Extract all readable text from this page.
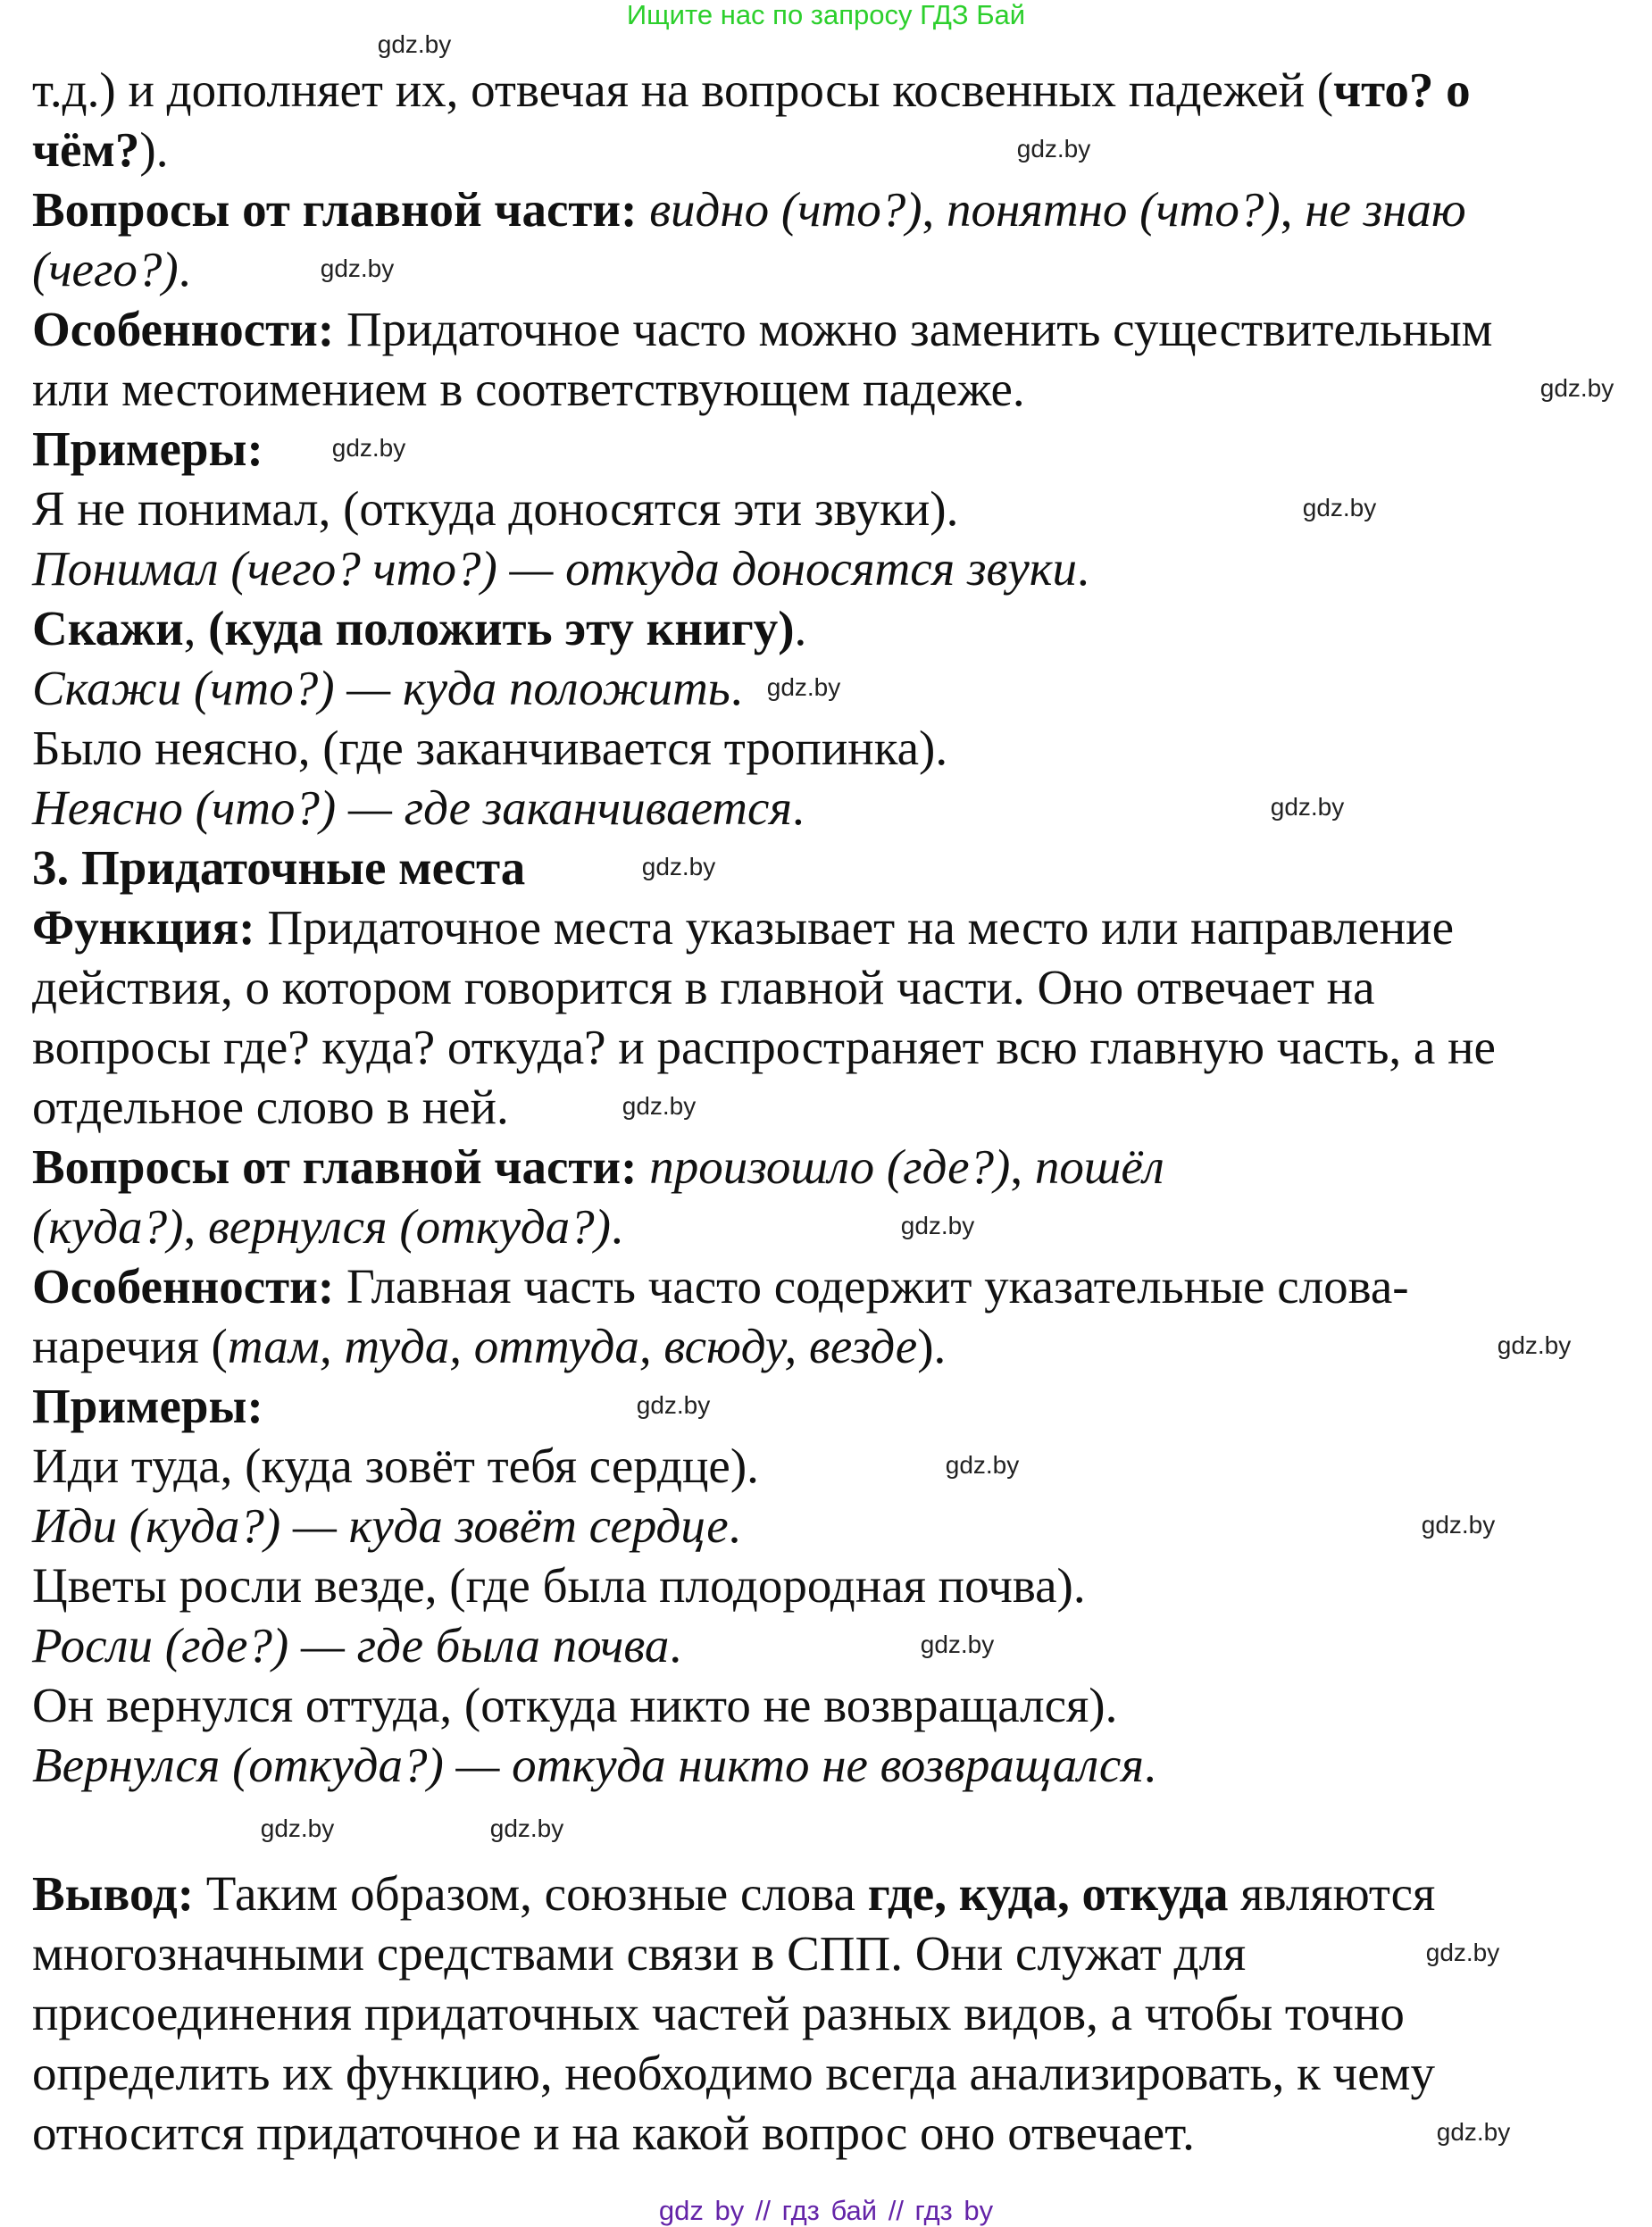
Ищите нас по запросу ГДЗ Бай
т.д.) и дополняет их, отвечая на вопросы косвенных падежей (что? о
чём?).
Вопросы от главной части: видно (что?), понятно (что?), не знаю
(чего?).
Особенности: Придаточное часто можно заменить существительным
или местоимением в соответствующем падеже.
Примеры:
Я не понимал, (откуда доносятся эти звуки).
Понимал (чего? что?) — откуда доносятся звуки.
Скажи, (куда положить эту книгу).
Скажи (что?) — куда положить.
Было неясно, (где заканчивается тропинка).
Неясно (что?) — где заканчивается.
3. Придаточные места
Функция: Придаточное места указывает на место или направление
действия, о котором говорится в главной части. Оно отвечает на
вопросы где? куда? откуда? и распространяет всю главную часть, а не
отдельное слово в ней.
Вопросы от главной части: произошло (где?), пошёл
(куда?), вернулся (откуда?).
Особенности: Главная часть часто содержит указательные слова-
наречия (там, туда, оттуда, всюду, везде).
Примеры:
Иди туда, (куда зовёт тебя сердце).
Иди (куда?) — куда зовёт сердце.
Цветы росли везде, (где была плодородная почва).
Росли (где?) — где была почва.
Он вернулся оттуда, (откуда никто не возвращался).
Вернулся (откуда?) — откуда никто не возвращался.
Вывод: Таким образом, союзные слова где, куда, откуда являются
многозначными средствами связи в СПП. Они служат для
присоединения придаточных частей разных видов, а чтобы точно
определить их функцию, необходимо всегда анализировать, к чему
относится придаточное и на какой вопрос оно отвечает.
gdz.by
gdz.by
gdz.by
gdz.by
gdz.by
gdz.by
gdz.by
gdz.by
gdz.by
gdz.by
gdz.by
gdz.by
gdz.by
gdz.by
gdz.by
gdz.by
gdz.by
gdz.by
gdz.by
gdz.by
gdz by // гдз бай // гдз by
